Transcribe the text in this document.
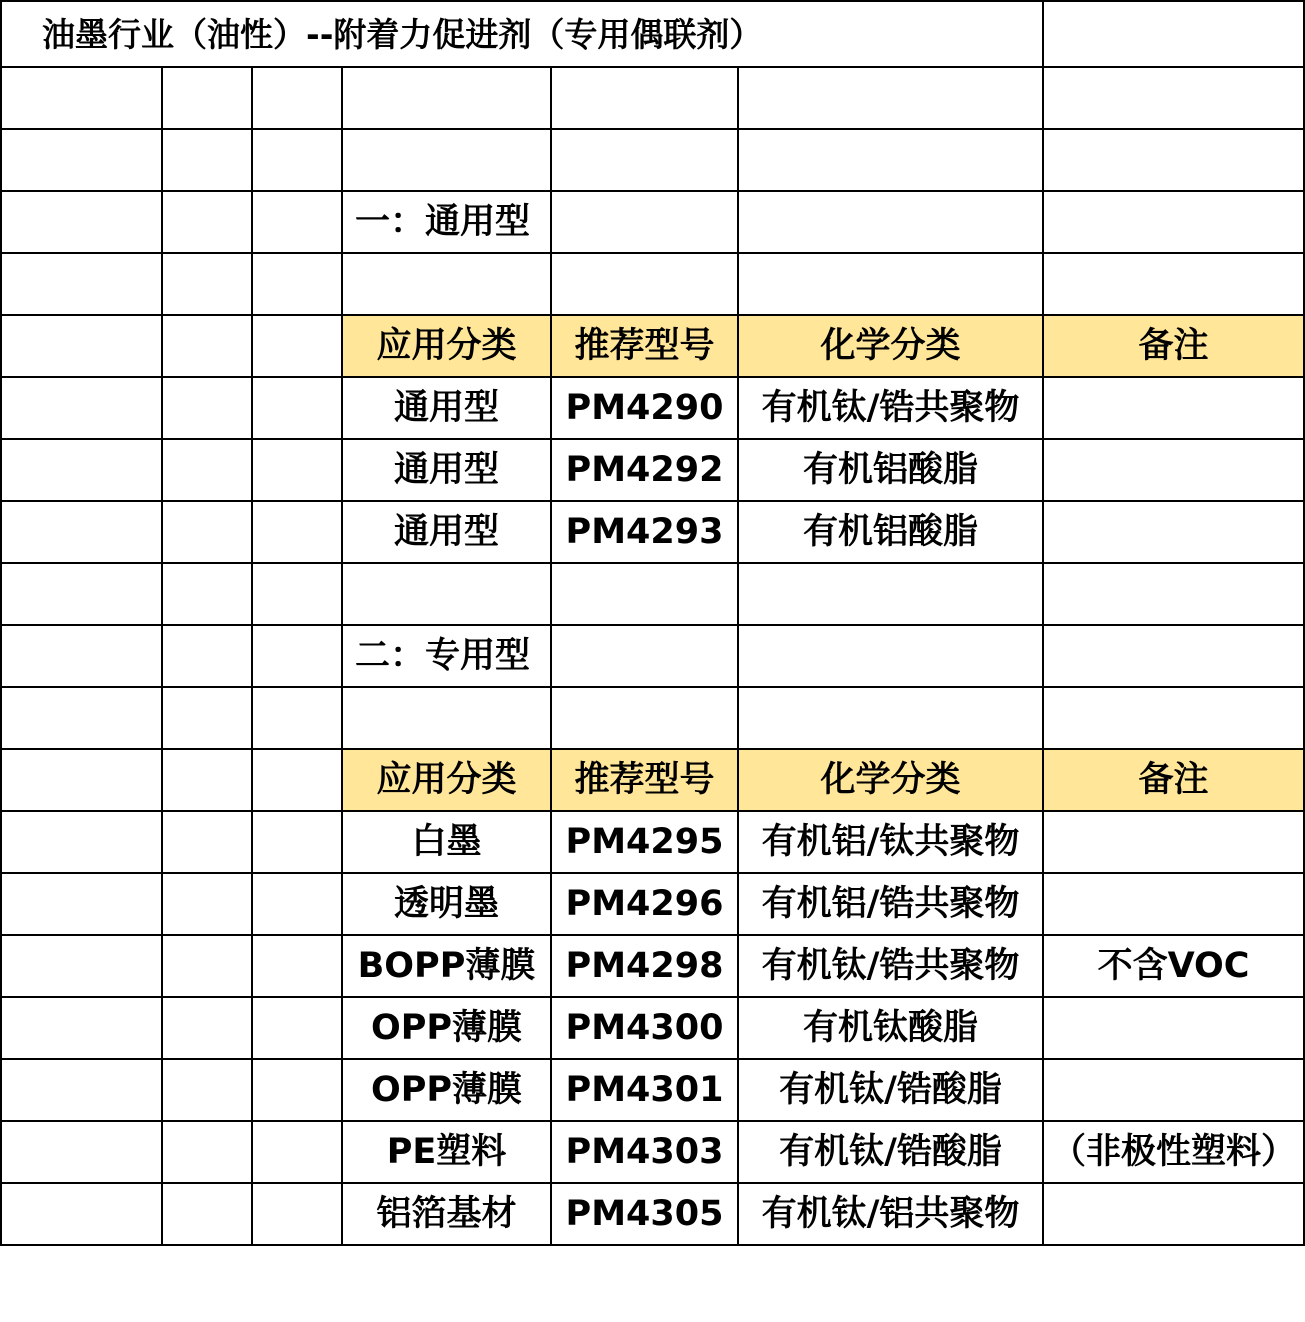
油墨行业（油性）--附着力促进剂（专用偶联剂）						

			一：通用型			

			应用分类	推荐型号	化学分类	备注
			通用型	PM4290	有机钛/锆共聚物	
			通用型	PM4292	有机铝酸脂	
			通用型	PM4293	有机铝酸脂	

			二：专用型			

			应用分类	推荐型号	化学分类	备注
			白墨	PM4295	有机铝/钛共聚物	
			透明墨	PM4296	有机铝/锆共聚物	
			BOPP薄膜	PM4298	有机钛/锆共聚物	不含VOC
			OPP薄膜	PM4300	有机钛酸脂	
			OPP薄膜	PM4301	有机钛/锆酸脂	
			PE塑料	PM4303	有机钛/锆酸脂	（非极性塑料）
			铝箔基材	PM4305	有机钛/铝共聚物	
